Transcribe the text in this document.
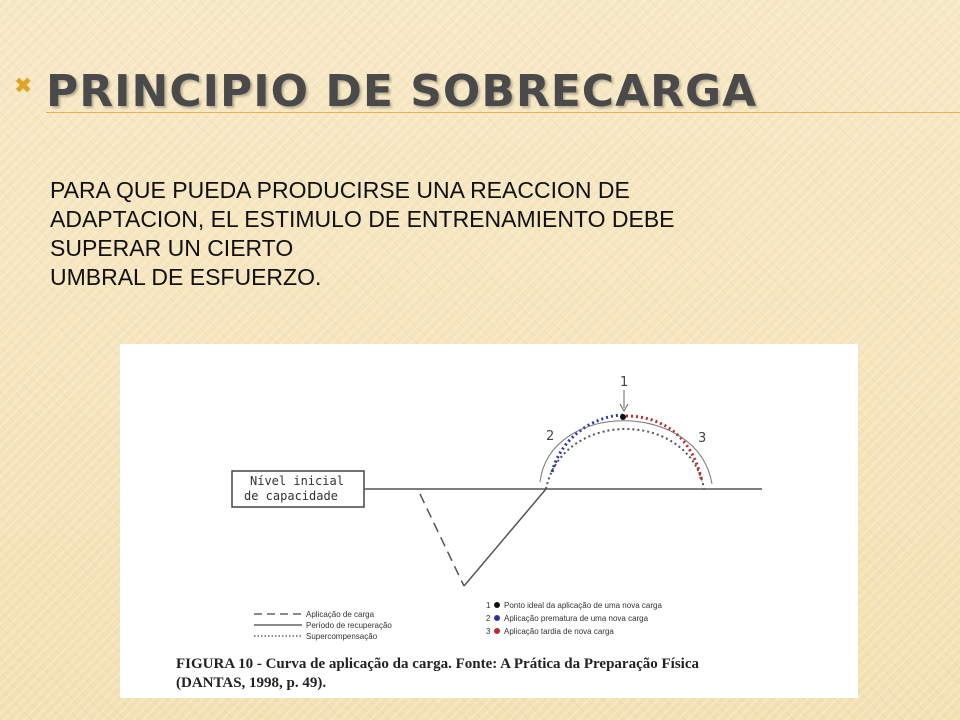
✖ PRINCIPIO DE SOBRECARGA
PARA QUE PUEDA PRODUCIRSE UNA REACCION DE
ADAPTACION, EL ESTIMULO DE ENTRENAMIENTO DEBE
SUPERAR UN CIERTO
UMBRAL DE ESFUERZO.
Nível inicial
de capacidade
1
2	3
Aplicação de carga
Período de recuperação
Supercompensação
1 Ponto ideal da aplicação de uma nova carga
2 Aplicação prematura de uma nova carga
3 Aplicação tardia de nova carga
FIGURA 10 - Curva de aplicação da carga. Fonte: A Prática da Preparação Física
(DANTAS, 1998, p. 49).
